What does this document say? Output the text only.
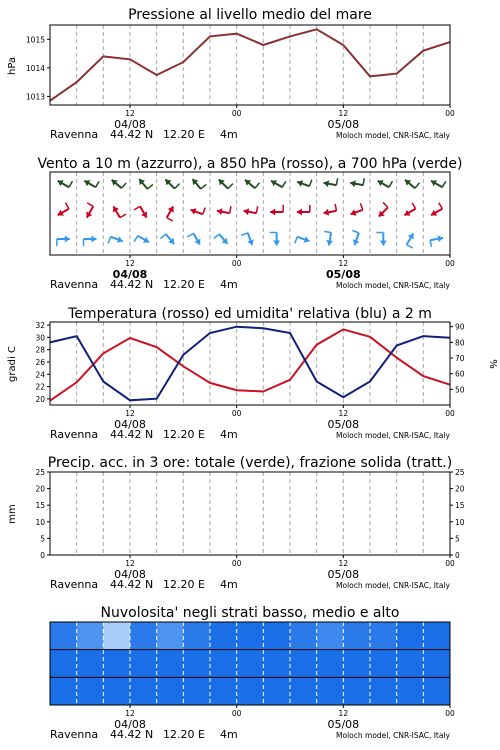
Pressione al livello medio del mare
Vento a 10 m (azzurro), a 850 hPa (rosso), a 700 hPa (verde)
Temperatura (rosso) ed umidita' relativa (blu) a 2 m
Precip. acc. in 3 ore: totale (verde), frazione solida (tratt.)
Nuvolosita' negli strati basso, medio e alto
hPa
gradi C	%
mm
1013
1014
1015
12	00	12	00
04/08	05/08
Ravenna 44.42 N 12.20 E 4m	Moloch model, CNR-ISAC, Italy
12	00	12	00
04/08	05/08
Ravenna 44.42 N 12.20 E 4m	Moloch model, CNR-ISAC, Italy
20
22
24
26
28
30
32
50
60
70
80
90
12	00	12	00
04/08	05/08
Ravenna 44.42 N 12.20 E 4m	Moloch model, CNR-ISAC, Italy
0	0
5	5
10	10
15	15
20	20
25	25
12	00	12	00
04/08	05/08
Ravenna 44.42 N 12.20 E 4m	Moloch model, CNR-ISAC, Italy
12	00	12	00
04/08	05/08
Ravenna 44.42 N 12.20 E 4m	Moloch model, CNR-ISAC, Italy
